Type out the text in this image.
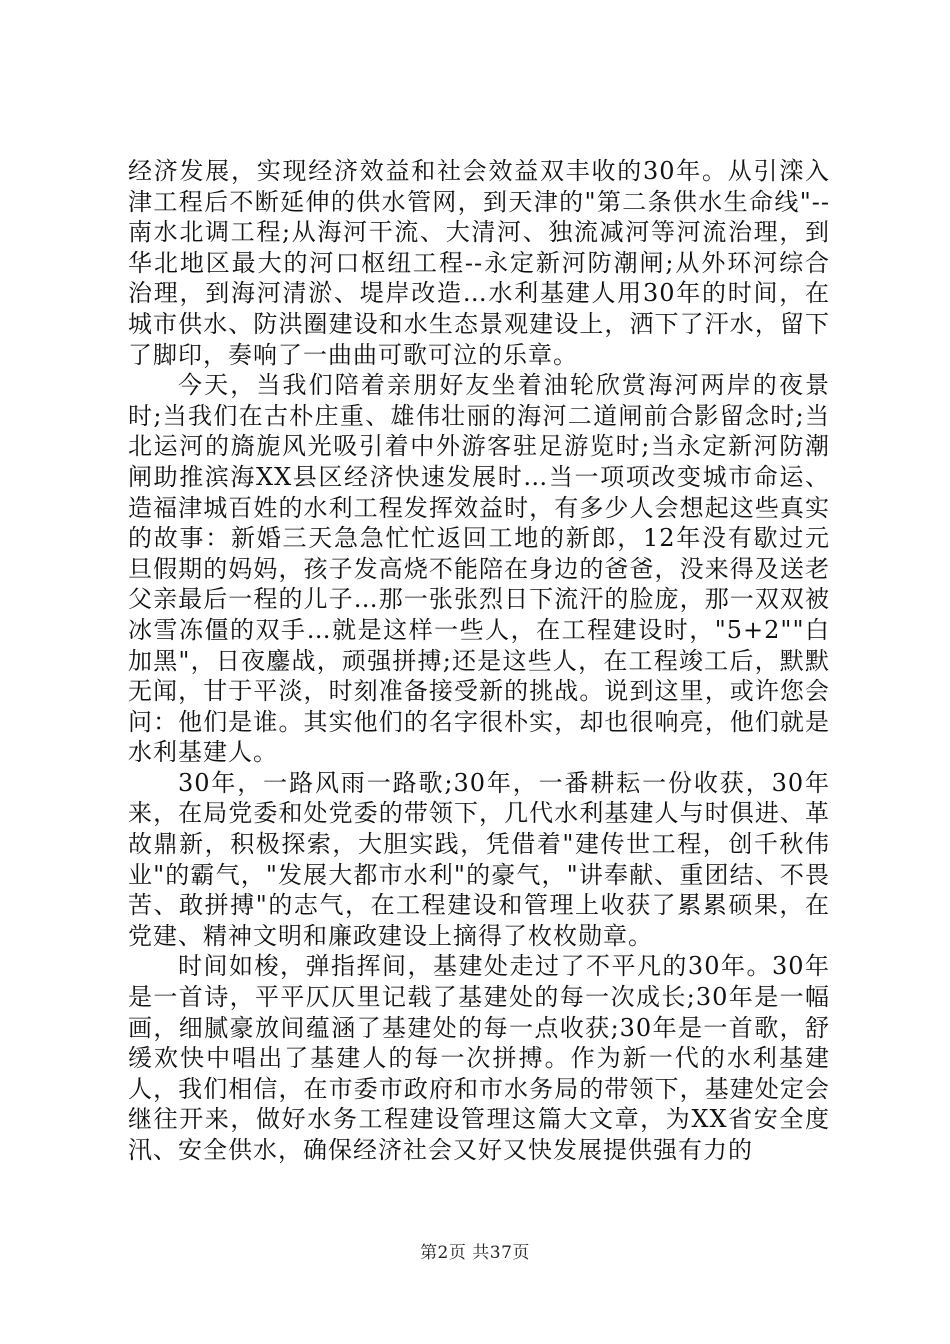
经济发展，实现经济效益和社会效益双丰收的30年。从引滦入津工程后不断延伸的供水管网，到天津的"第二条供水生命线"--南水北调工程;从海河干流、大清河、独流减河等河流治理，到华北地区最大的河口枢纽工程--永定新河防潮闸;从外环河综合治理，到海河清淤、堤岸改造…水利基建人用30年的时间，在城市供水、防洪圈建设和水生态景观建设上，洒下了汗水，留下了脚印，奏响了一曲曲可歌可泣的乐章。

今天，当我们陪着亲朋好友坐着油轮欣赏海河两岸的夜景时;当我们在古朴庄重、雄伟壮丽的海河二道闸前合影留念时;当北运河的旖旎风光吸引着中外游客驻足游览时;当永定新河防潮闸助推滨海XX县区经济快速发展时…当一项项改变城市命运、造福津城百姓的水利工程发挥效益时，有多少人会想起这些真实的故事：新婚三天急急忙忙返回工地的新郎，12年没有歇过元旦假期的妈妈，孩子发高烧不能陪在身边的爸爸，没来得及送老父亲最后一程的儿子…那一张张烈日下流汗的脸庞，那一双双被冰雪冻僵的双手…就是这样一些人，在工程建设时，"5+2""白加黑"，日夜鏖战，顽强拼搏;还是这些人，在工程竣工后，默默无闻，甘于平淡，时刻准备接受新的挑战。说到这里，或许您会问：他们是谁。其实他们的名字很朴实，却也很响亮，他们就是水利基建人。

30年，一路风雨一路歌;30年，一番耕耘一份收获，30年来，在局党委和处党委的带领下，几代水利基建人与时俱进、革故鼎新，积极探索，大胆实践，凭借着"建传世工程，创千秋伟业"的霸气，"发展大都市水利"的豪气，"讲奉献、重团结、不畏苦、敢拼搏"的志气，在工程建设和管理上收获了累累硕果，在党建、精神文明和廉政建设上摘得了枚枚勋章。

时间如梭，弹指挥间，基建处走过了不平凡的30年。30年是一首诗，平平仄仄里记载了基建处的每一次成长;30年是一幅画，细腻豪放间蕴涵了基建处的每一点收获;30年是一首歌，舒缓欢快中唱出了基建人的每一次拼搏。作为新一代的水利基建人，我们相信，在市委市政府和市水务局的带领下，基建处定会继往开来，做好水务工程建设管理这篇大文章，为XX省安全度汛、安全供水，确保经济社会又好又快发展提供强有力的

第2页 共37页
